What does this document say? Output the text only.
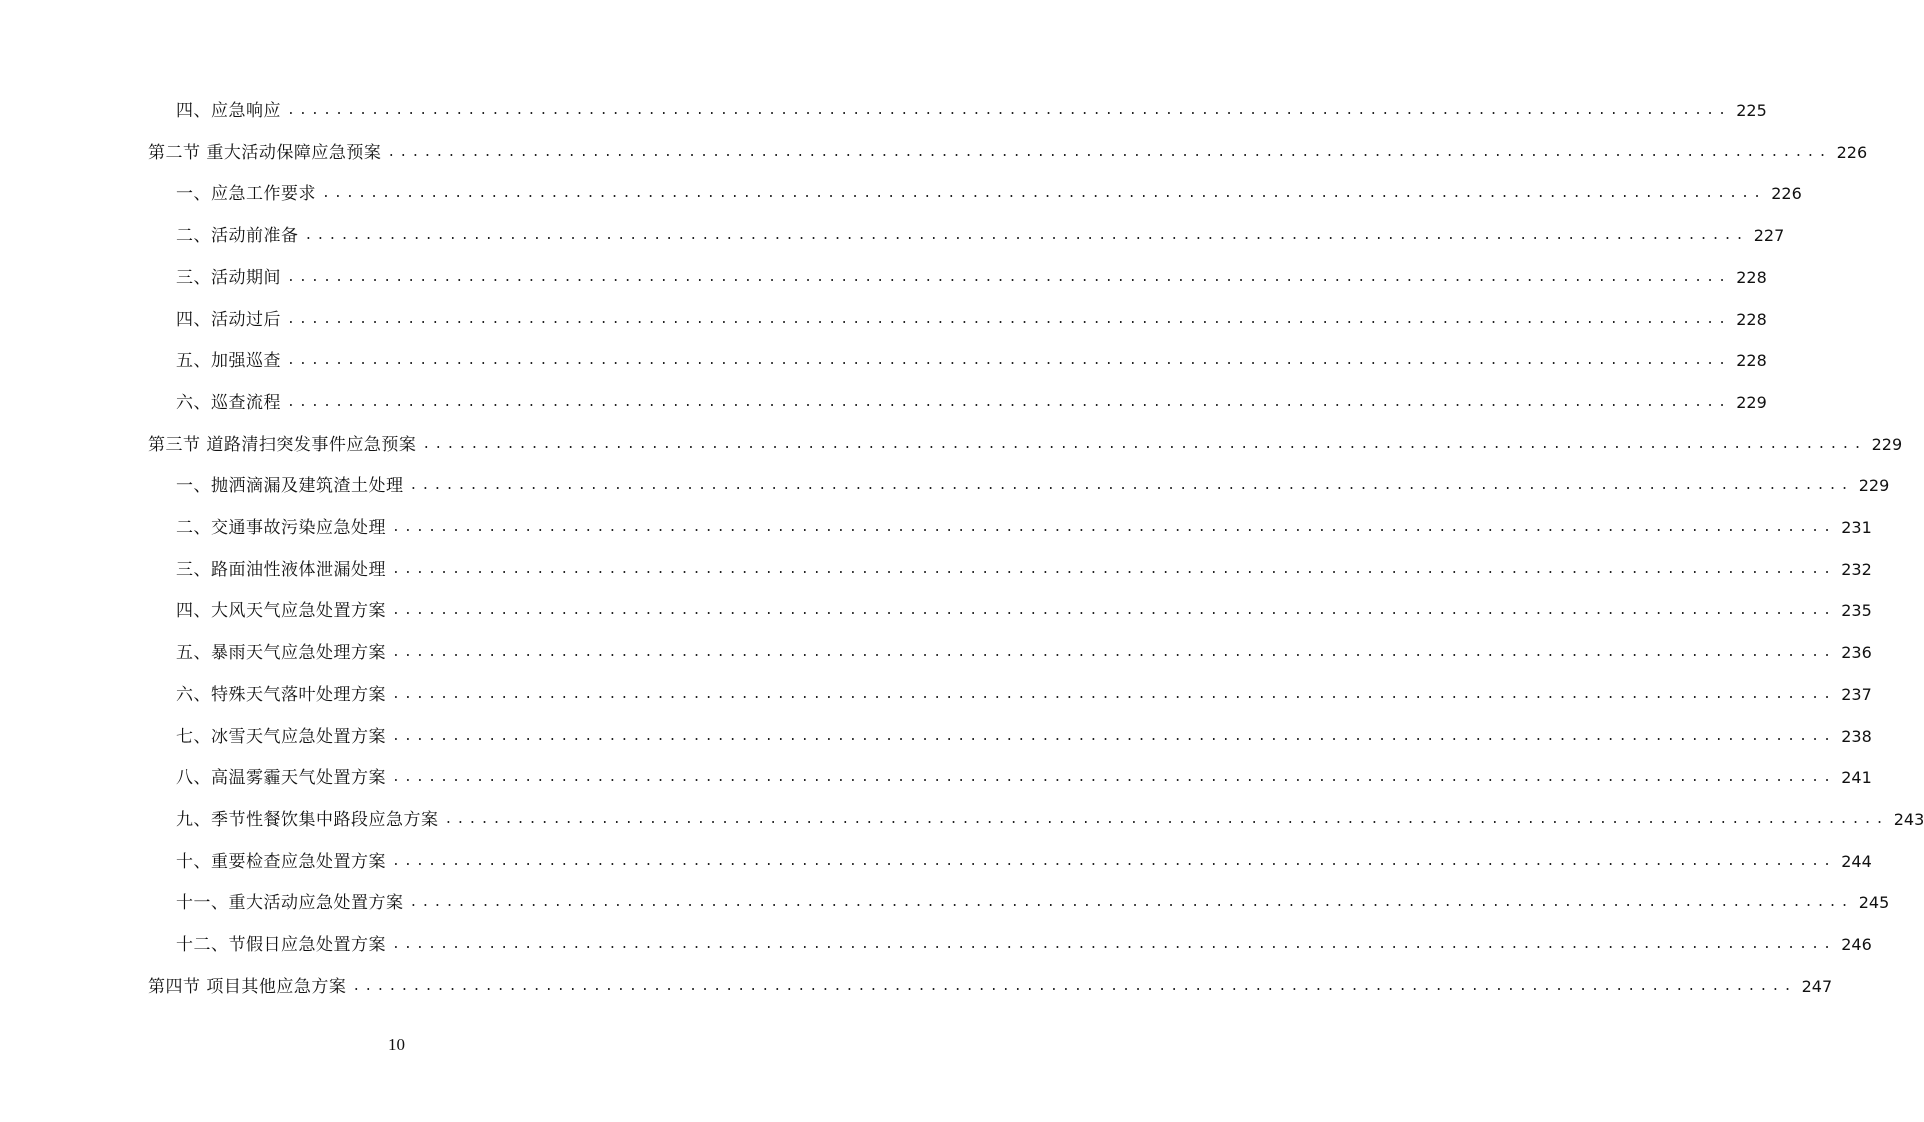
四、应急响应 ........................................................................................................................ 225
第二节 重大活动保障应急预案 ........................................................................................................................ 226
一、应急工作要求 ........................................................................................................................ 226
二、活动前准备 ........................................................................................................................ 227
三、活动期间 ........................................................................................................................ 228
四、活动过后 ........................................................................................................................ 228
五、加强巡查 ........................................................................................................................ 228
六、巡查流程 ........................................................................................................................ 229
第三节 道路清扫突发事件应急预案 ........................................................................................................................ 229
一、抛洒滴漏及建筑渣土处理 ........................................................................................................................ 229
二、交通事故污染应急处理 ........................................................................................................................ 231
三、路面油性液体泄漏处理 ........................................................................................................................ 232
四、大风天气应急处置方案 ........................................................................................................................ 235
五、暴雨天气应急处理方案 ........................................................................................................................ 236
六、特殊天气落叶处理方案 ........................................................................................................................ 237
七、冰雪天气应急处置方案 ........................................................................................................................ 238
八、高温雾霾天气处置方案 ........................................................................................................................ 241
九、季节性餐饮集中路段应急方案 ........................................................................................................................ 243
十、重要检查应急处置方案 ........................................................................................................................ 244
十一、重大活动应急处置方案 ........................................................................................................................ 245
十二、节假日应急处置方案 ........................................................................................................................ 246
第四节 项目其他应急方案 ........................................................................................................................ 247
10
